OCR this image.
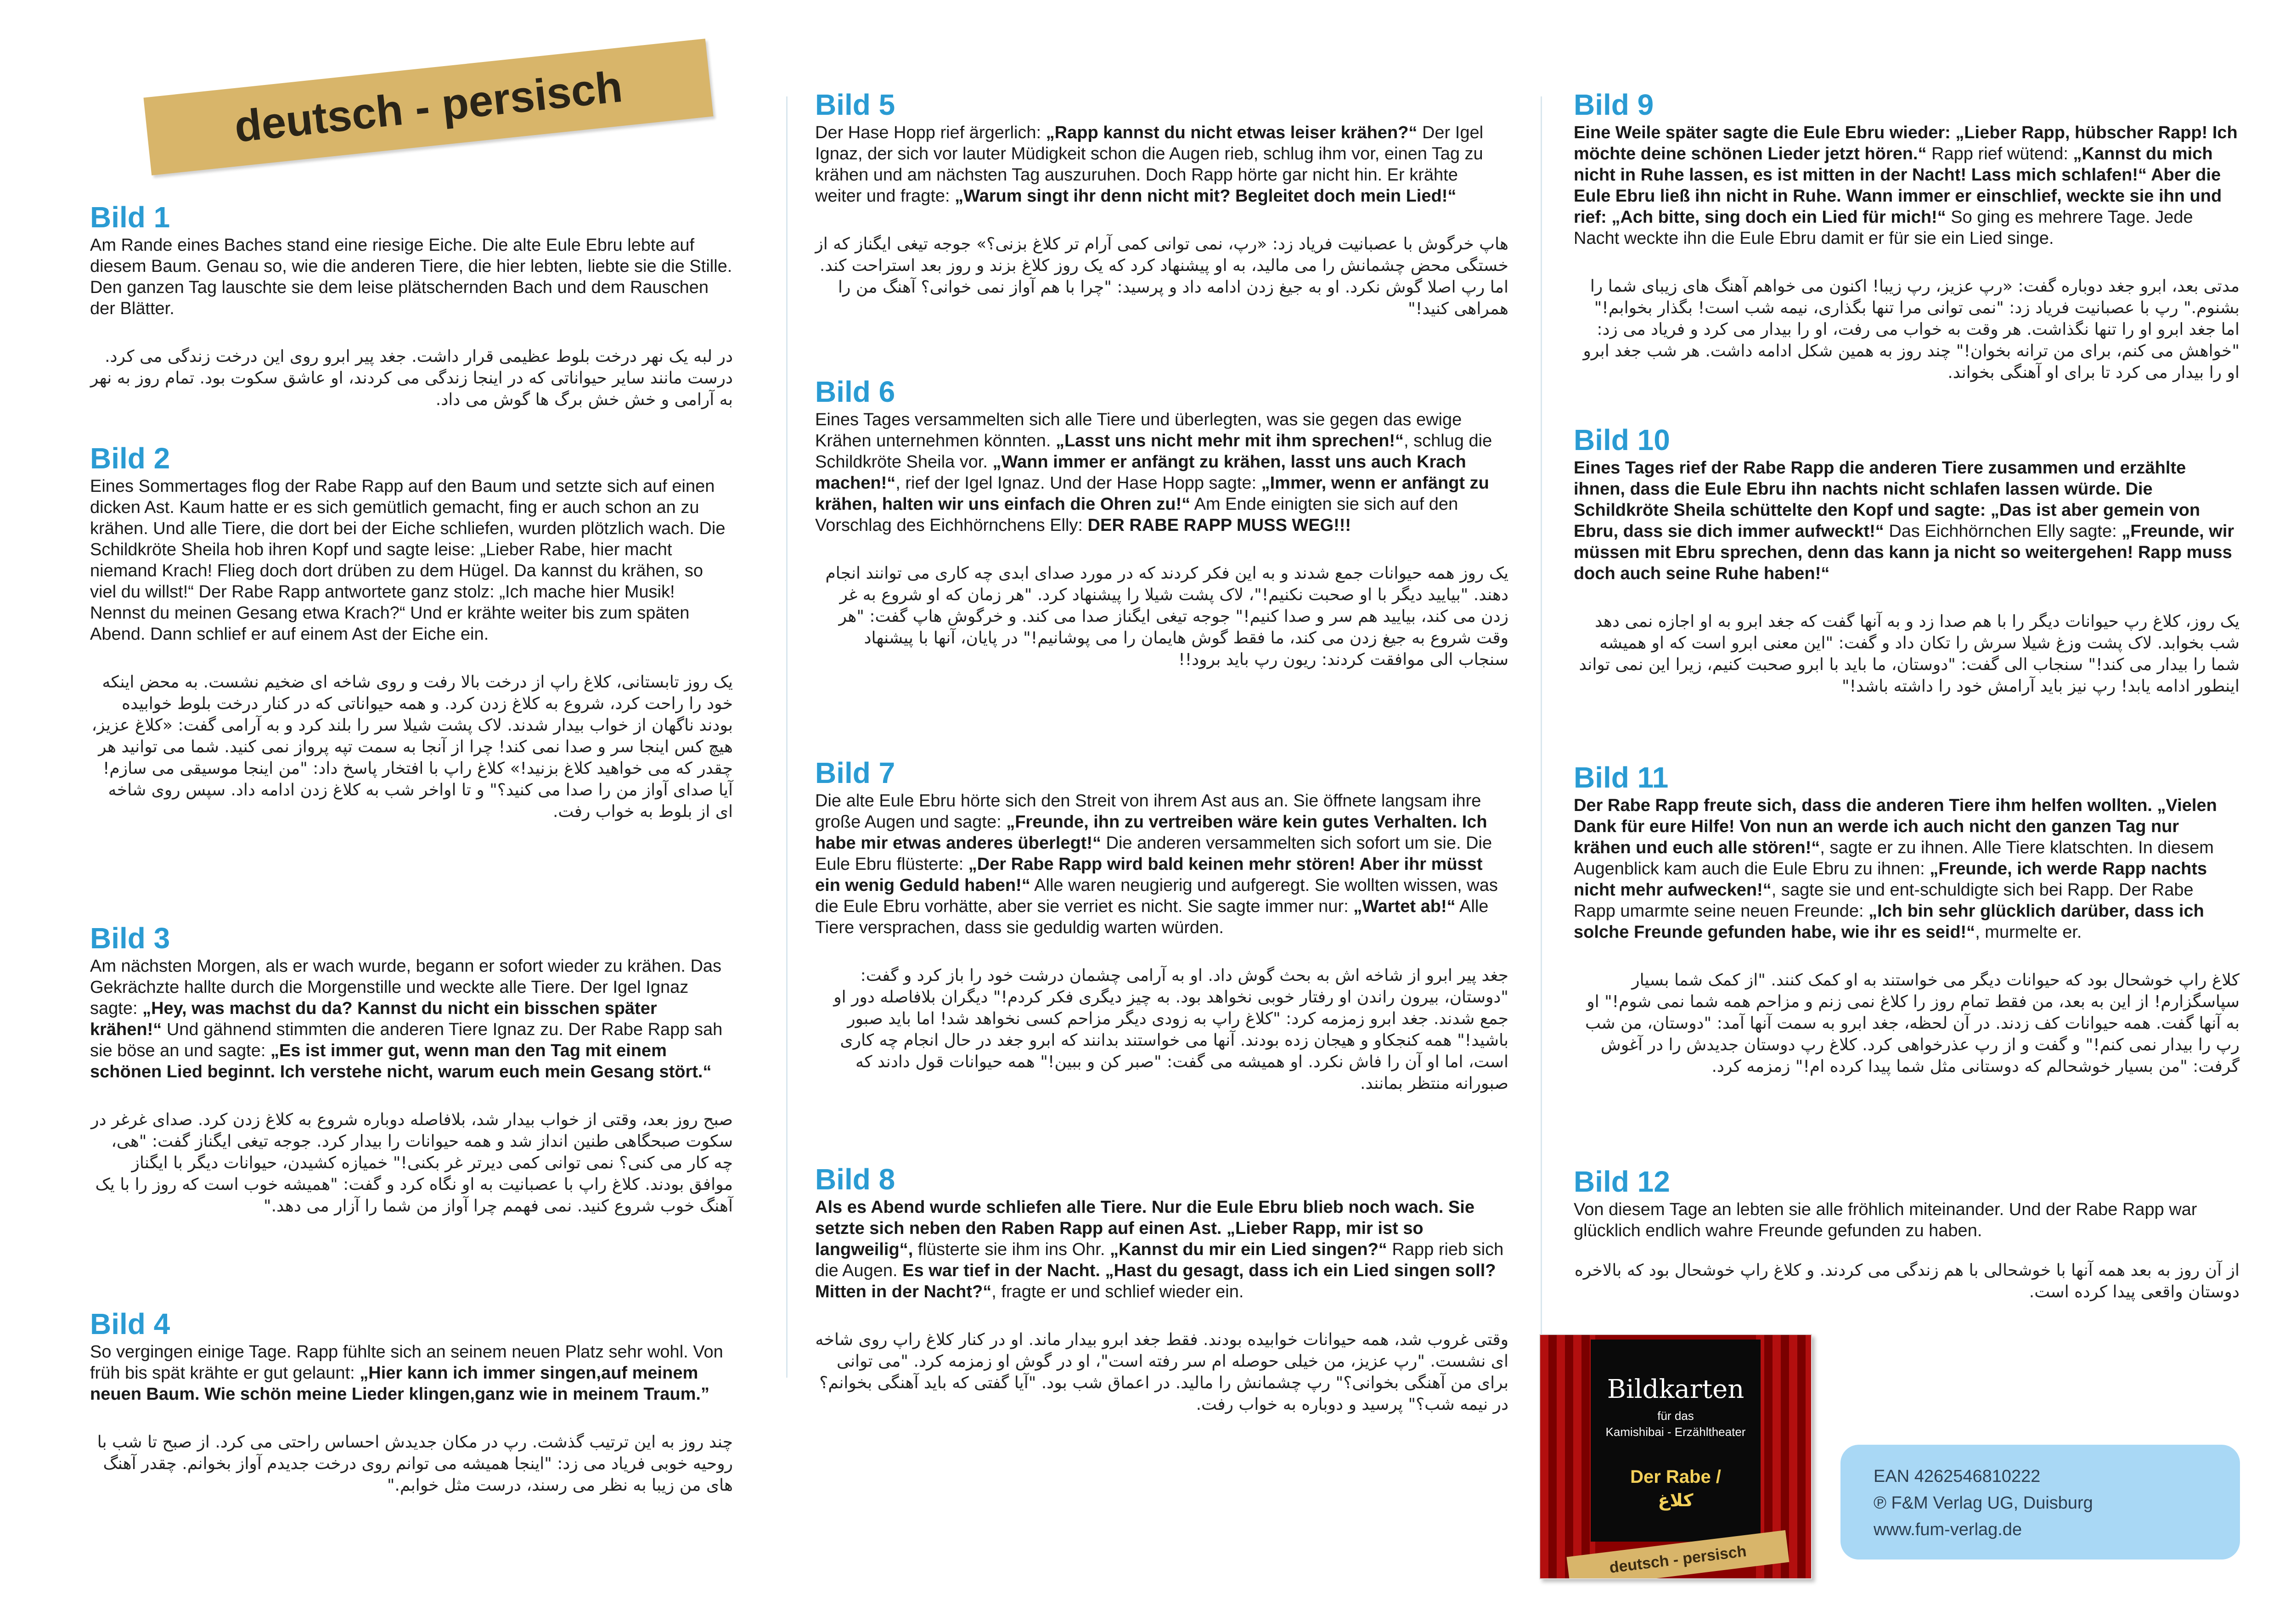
deutsch - persisch
Bild 1

Am Rande eines Baches stand eine riesige Eiche. Die alte Eule Ebru lebte auf diesem Baum. Genau so, wie die anderen Tiere, die hier lebten, liebte sie die Stille. Den ganzen Tag lauschte sie dem leise plätschernden Bach und dem Rauschen der Blätter.

در لبه یک نهر درخت بلوط عظیمی قرار داشت. جغد پیر ابرو روی این درخت زندگی می کرد. درست مانند سایر حیواناتی که در اینجا زندگی می کردند، او عاشق سکوت بود. تمام روز به نهر به آرامی و خش خش برگ ها گوش می داد.

Bild 2

Eines Sommertages flog der Rabe Rapp auf den Baum und setzte sich auf einen dicken Ast. Kaum hatte er es sich gemütlich gemacht, fing er auch schon an zu krähen. Und alle Tiere, die dort bei der Eiche schliefen, wurden plötzlich wach. Die Schildkröte Sheila hob ihren Kopf und sagte leise: „Lieber Rabe, hier macht niemand Krach! Flieg doch dort drüben zu dem Hügel. Da kannst du krähen, so viel du willst!“ Der Rabe Rapp antwortete ganz stolz: „Ich mache hier Musik! Nennst du meinen Gesang etwa Krach?“ Und er krähte weiter bis zum späten Abend. Dann schlief er auf einem Ast der Eiche ein.

یک روز تابستانی، کلاغ راپ از درخت بالا رفت و روی شاخه ای ضخیم نشست. به محض اینکه خود را راحت کرد، شروع به کلاغ زدن کرد. و همه حیواناتی که در کنار درخت بلوط خوابیده بودند ناگهان از خواب بیدار شدند. لاک پشت شیلا سر را بلند کرد و به آرامی گفت: «کلاغ عزیز، هیچ کس اینجا سر و صدا نمی کند! چرا از آنجا به سمت تپه پرواز نمی کنید. شما می توانید هر چقدر که می خواهید کلاغ بزنید!» کلاغ راپ با افتخار پاسخ داد: "من اینجا موسیقی می سازم! آیا صدای آواز من را صدا می کنید؟" و تا اواخر شب به کلاغ زدن ادامه داد. سپس روی شاخه ای از بلوط به خواب رفت.

Bild 3

Am nächsten Morgen, als er wach wurde, begann er sofort wieder zu krähen. Das Gekrächzte hallte durch die Morgenstille und weckte alle Tiere. Der Igel Ignaz sagte: „Hey, was machst du da? Kannst du nicht ein bisschen später krähen!“ Und gähnend stimmten die anderen Tiere Ignaz zu. Der Rabe Rapp sah sie böse an und sagte: „Es ist immer gut, wenn man den Tag mit einem schönen Lied beginnt. Ich verstehe nicht, warum euch mein Gesang stört.“

صبح روز بعد، وقتی از خواب بیدار شد، بلافاصله دوباره شروع به کلاغ زدن کرد. صدای غرغر در سکوت صبحگاهی طنین انداز شد و همه حیوانات را بیدار کرد. جوجه تیغی ایگناز گفت: "هی، چه کار می کنی؟ نمی توانی کمی دیرتر غر بکنی!" خمیازه کشیدن، حیوانات دیگر با ایگناز موافق بودند. کلاغ راپ با عصبانیت به او نگاه کرد و گفت: "همیشه خوب است که روز را با یک آهنگ خوب شروع کنید. نمی فهمم چرا آواز من شما را آزار می دهد."

Bild 4

So vergingen einige Tage. Rapp fühlte sich an seinem neuen Platz sehr wohl. Von früh bis spät krähte er gut gelaunt: „Hier kann ich immer singen,auf meinem neuen Baum. Wie schön meine Lieder klingen,ganz wie in meinem Traum.”

چند روز به این ترتیب گذشت. رپ در مکان جدیدش احساس راحتی می کرد. از صبح تا شب با روحیه خوبی فریاد می زد: "اینجا همیشه می توانم روی درخت جدیدم آواز بخوانم. چقدر آهنگ های من زیبا به نظر می رسند، درست مثل خوابم."

Bild 5

Der Hase Hopp rief ärgerlich: „Rapp kannst du nicht etwas leiser krähen?“ Der Igel Ignaz, der sich vor lauter Müdigkeit schon die Augen rieb, schlug ihm vor, einen Tag zu krähen und am nächsten Tag auszuruhen. Doch Rapp hörte gar nicht hin. Er krähte weiter und fragte: „Warum singt ihr denn nicht mit? Begleitet doch mein Lied!“

هاپ خرگوش با عصبانیت فریاد زد: «رپ، نمی توانی کمی آرام تر کلاغ بزنی؟» جوجه تیغی ایگناز که از خستگی محض چشمانش را می مالید، به او پیشنهاد کرد که یک روز کلاغ بزند و روز بعد استراحت کند. اما رپ اصلا گوش نکرد. او به جیغ زدن ادامه داد و پرسید: "چرا با هم آواز نمی خوانی؟ آهنگ من را همراهی کنید!"

Bild 6

Eines Tages versammelten sich alle Tiere und überlegten, was sie gegen das ewige Krähen unternehmen könnten. „Lasst uns nicht mehr mit ihm sprechen!“, schlug die Schildkröte Sheila vor. „Wann immer er anfängt zu krähen, lasst uns auch Krach machen!“, rief der Igel Ignaz. Und der Hase Hopp sagte: „Immer, wenn er anfängt zu krähen, halten wir uns einfach die Ohren zu!“ Am Ende einigten sie sich auf den Vorschlag des Eichhörnchens Elly: DER RABE RAPP MUSS WEG!!!

یک روز همه حیوانات جمع شدند و به این فکر کردند که در مورد صدای ابدی چه کاری می توانند انجام دهند. "بیایید دیگر با او صحبت نکنیم!"، لاک پشت شیلا را پیشنهاد کرد. "هر زمان که او شروع به غر زدن می کند، بیایید هم سر و صدا کنیم!" جوجه تیغی ایگناز صدا می کند. و خرگوش هاپ گفت: "هر وقت شروع به جیغ زدن می کند، ما فقط گوش هایمان را می پوشانیم!" در پایان، آنها با پیشنهاد سنجاب الی موافقت کردند: ریون رپ باید برود!!

Bild 7

Die alte Eule Ebru hörte sich den Streit von ihrem Ast aus an. Sie öffnete langsam ihre große Augen und sagte: „Freunde, ihn zu vertreiben wäre kein gutes Verhalten. Ich habe mir etwas anderes überlegt!“ Die anderen versammelten sich sofort um sie. Die Eule Ebru flüsterte: „Der Rabe Rapp wird bald keinen mehr stören! Aber ihr müsst ein wenig Geduld haben!“ Alle waren neugierig und aufgeregt. Sie wollten wissen, was die Eule Ebru vorhätte, aber sie verriet es nicht. Sie sagte immer nur: „Wartet ab!“ Alle Tiere versprachen, dass sie geduldig warten würden.

جغد پیر ابرو از شاخه اش به بحث گوش داد. او به آرامی چشمان درشت خود را باز کرد و گفت: "دوستان، بیرون راندن او رفتار خوبی نخواهد بود. به چیز دیگری فکر کردم!" دیگران بلافاصله دور او جمع شدند. جغد ابرو زمزمه کرد: "کلاغ راپ به زودی دیگر مزاحم کسی نخواهد شد! اما باید صبور باشید!" همه کنجکاو و هیجان زده بودند. آنها می خواستند بدانند که ابرو جغد در حال انجام چه کاری است، اما او آن را فاش نکرد. او همیشه می گفت: "صبر کن و ببین!" همه حیوانات قول دادند که صبورانه منتظر بمانند.

Bild 8

Als es Abend wurde schliefen alle Tiere. Nur die Eule Ebru blieb noch wach. Sie setzte sich neben den Raben Rapp auf einen Ast. „Lieber Rapp, mir ist so langweilig“, flüsterte sie ihm ins Ohr. „Kannst du mir ein Lied singen?“ Rapp rieb sich die Augen. Es war tief in der Nacht. „Hast du gesagt, dass ich ein Lied singen soll? Mitten in der Nacht?“, fragte er und schlief wieder ein.

وقتی غروب شد، همه حیوانات خوابیده بودند. فقط جغد ابرو بیدار ماند. او در کنار کلاغ راپ روی شاخه ای نشست. "رپ عزیز، من خیلی حوصله ام سر رفته است"، او در گوش او زمزمه کرد. "می توانی برای من آهنگی بخوانی؟" رپ چشمانش را مالید. در اعماق شب بود. "آیا گفتی که باید آهنگی بخوانم؟ در نیمه شب؟" پرسید و دوباره به خواب رفت.

Bild 9

Eine Weile später sagte die Eule Ebru wieder: „Lieber Rapp, hübscher Rapp! Ich möchte deine schönen Lieder jetzt hören.“ Rapp rief wütend: „Kannst du mich nicht in Ruhe lassen, es ist mitten in der Nacht! Lass mich schlafen!“ Aber die Eule Ebru ließ ihn nicht in Ruhe. Wann immer er einschlief, weckte sie ihn und rief: „Ach bitte, sing doch ein Lied für mich!“ So ging es mehrere Tage. Jede Nacht weckte ihn die Eule Ebru damit er für sie ein Lied singe.

مدتی بعد، ابرو جغد دوباره گفت: «رپ عزیز، رپ زیبا! اکنون می خواهم آهنگ های زیبای شما را بشنوم." رپ با عصبانیت فریاد زد: "نمی توانی مرا تنها بگذاری، نیمه شب است! بگذار بخوابم!" اما جغد ابرو او را تنها نگذاشت. هر وقت به خواب می رفت، او را بیدار می کرد و فریاد می زد: "خواهش می کنم، برای من ترانه بخوان!" چند روز به همین شکل ادامه داشت. هر شب جغد ابرو او را بیدار می کرد تا برای او آهنگی بخواند.

Bild 10

Eines Tages rief der Rabe Rapp die anderen Tiere zusammen und erzählte ihnen, dass die Eule Ebru ihn nachts nicht schlafen lassen würde. Die Schildkröte Sheila schüttelte den Kopf und sagte: „Das ist aber gemein von Ebru, dass sie dich immer aufweckt!“ Das Eichhörnchen Elly sagte: „Freunde, wir müssen mit Ebru sprechen, denn das kann ja nicht so weitergehen! Rapp muss doch auch seine Ruhe haben!“

یک روز، کلاغ رپ حیوانات دیگر را با هم صدا زد و به آنها گفت که جغد ابرو به او اجازه نمی دهد شب بخوابد. لاک پشت وزغ شیلا سرش را تکان داد و گفت: "این معنی ابرو است که او همیشه شما را بیدار می کند!" سنجاب الی گفت: "دوستان، ما باید با ابرو صحبت کنیم، زیرا این نمی تواند اینطور ادامه یابد! رپ نیز باید آرامش خود را داشته باشد!"

Bild 11

Der Rabe Rapp freute sich, dass die anderen Tiere ihm helfen wollten. „Vielen Dank für eure Hilfe! Von nun an werde ich auch nicht den ganzen Tag nur krähen und euch alle stören!“, sagte er zu ihnen. Alle Tiere klatschten. In diesem Augenblick kam auch die Eule Ebru zu ihnen: „Freunde, ich werde Rapp nachts nicht mehr aufwecken!“, sagte sie und ent-schuldigte sich bei Rapp. Der Rabe Rapp umarmte seine neuen Freunde: „Ich bin sehr glücklich darüber, dass ich solche Freunde gefunden habe, wie ihr es seid!“, murmelte er.

کلاغ راپ خوشحال بود که حیوانات دیگر می خواستند به او کمک کنند. "از کمک شما بسیار سپاسگزارم! از این به بعد، من فقط تمام روز را کلاغ نمی زنم و مزاحم همه شما نمی شوم!" او به آنها گفت. همه حیوانات کف زدند. در آن لحظه، جغد ابرو به سمت آنها آمد: "دوستان، من شب رپ را بیدار نمی کنم!" و گفت و از رپ عذرخواهی کرد. کلاغ رپ دوستان جدیدش را در آغوش گرفت: "من بسیار خوشحالم که دوستانی مثل شما پیدا کرده ام!" زمزمه کرد.

Bild 12

Von diesem Tage an lebten sie alle fröhlich miteinander. Und der Rabe Rapp war glücklich endlich wahre Freunde gefunden zu haben.

از آن روز به بعد همه آنها با خوشحالی با هم زندگی می کردند. و کلاغ راپ خوشحال بود که بالاخره دوستان واقعی پیدا کرده است.

Bildkarten
für das
Kamishibai - Erzähltheater
Der Rabe /
کلاغ
deutsch - persisch
EAN 4262546810222
℗ F&M Verlag UG, Duisburg
www.fum-verlag.de
